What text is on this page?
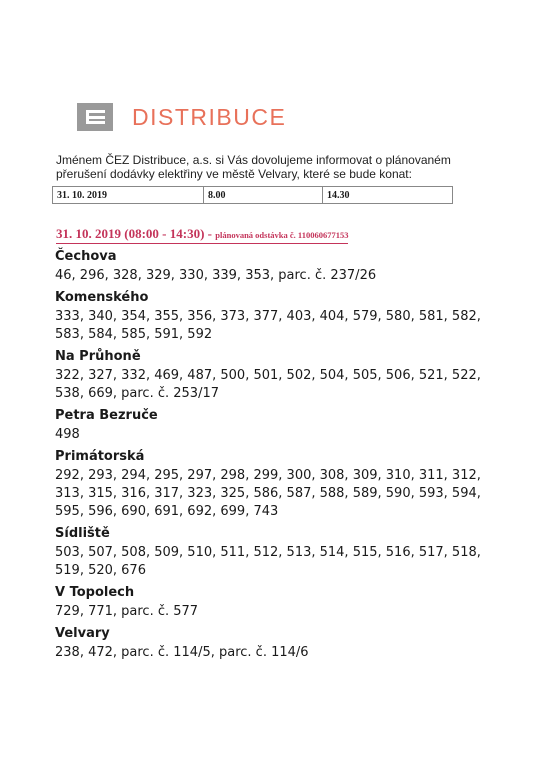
DISTRIBUCE
Jménem ČEZ Distribuce, a.s. si Vás dovolujeme informovat o plánovaném přerušení dodávky elektřiny ve městě Velvary, které se bude konat:
31. 10. 2019	8.00	14.30
31. 10. 2019 (08:00 - 14:30) - plánovaná odstávka č. 110060677153
Čechova
46, 296, 328, 329, 330, 339, 353, parc. č. 237/26
Komenského
333, 340, 354, 355, 356, 373, 377, 403, 404, 579, 580, 581, 582, 583, 584, 585, 591, 592
Na Průhoně
322, 327, 332, 469, 487, 500, 501, 502, 504, 505, 506, 521, 522, 538, 669, parc. č. 253/17
Petra Bezruče
498
Primátorská
292, 293, 294, 295, 297, 298, 299, 300, 308, 309, 310, 311, 312, 313, 315, 316, 317, 323, 325, 586, 587, 588, 589, 590, 593, 594, 595, 596, 690, 691, 692, 699, 743
Sídliště
503, 507, 508, 509, 510, 511, 512, 513, 514, 515, 516, 517, 518, 519, 520, 676
V Topolech
729, 771, parc. č. 577
Velvary
238, 472, parc. č. 114/5, parc. č. 114/6
